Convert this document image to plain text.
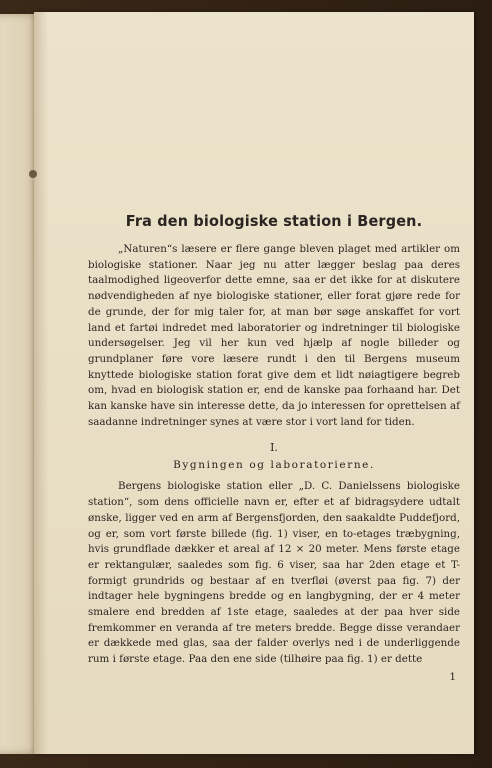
Fra den biologiske station i Bergen.

„Naturen“s læsere er flere gange bleven plaget med artikler om biologiske stationer. Naar jeg nu atter lægger beslag paa deres taalmodighed ligeoverfor dette emne, saa er det ikke for at diskutere nødvendigheden af nye biologiske stationer, eller forat gjøre rede for de grunde, der for mig taler for, at man bør søge anskaffet for vort land et fartøi indredet med laboratorier og indretninger til biologiske undersøgelser. Jeg vil her kun ved hjælp af nogle billeder og grundplaner føre vore læsere rundt i den til Bergens museum knyttede biologiske station forat give dem et lidt nøiagtigere begreb om, hvad en biologisk station er, end de kanske paa forhaand har. Det kan kanske have sin interesse dette, da jo interessen for oprettelsen af saadanne indretninger synes at være stor i vort land for tiden.

I.
Bygningen og laboratorierne.

Bergens biologiske station eller „D. C. Danielssens biologiske station“, som dens officielle navn er, efter et af bidragsydere udtalt ønske, ligger ved en arm af Bergensfjorden, den saakaldte Puddefjord, og er, som vort første billede (fig. 1) viser, en to-etages træbygning, hvis grundflade dækker et areal af 12 × 20 meter. Mens første etage er rektangulær, saaledes som fig. 6 viser, saa har 2den etage et T-formigt grundrids og bestaar af en tverfløi (øverst paa fig. 7) der indtager hele bygningens bredde og en langbygning, der er 4 meter smalere end bredden af 1ste etage, saaledes at der paa hver side fremkommer en veranda af tre meters bredde. Begge disse verandaer er dækkede med glas, saa der falder overlys ned i de underliggende rum i første etage. Paa den ene side (tilhøire paa fig. 1) er dette

1
